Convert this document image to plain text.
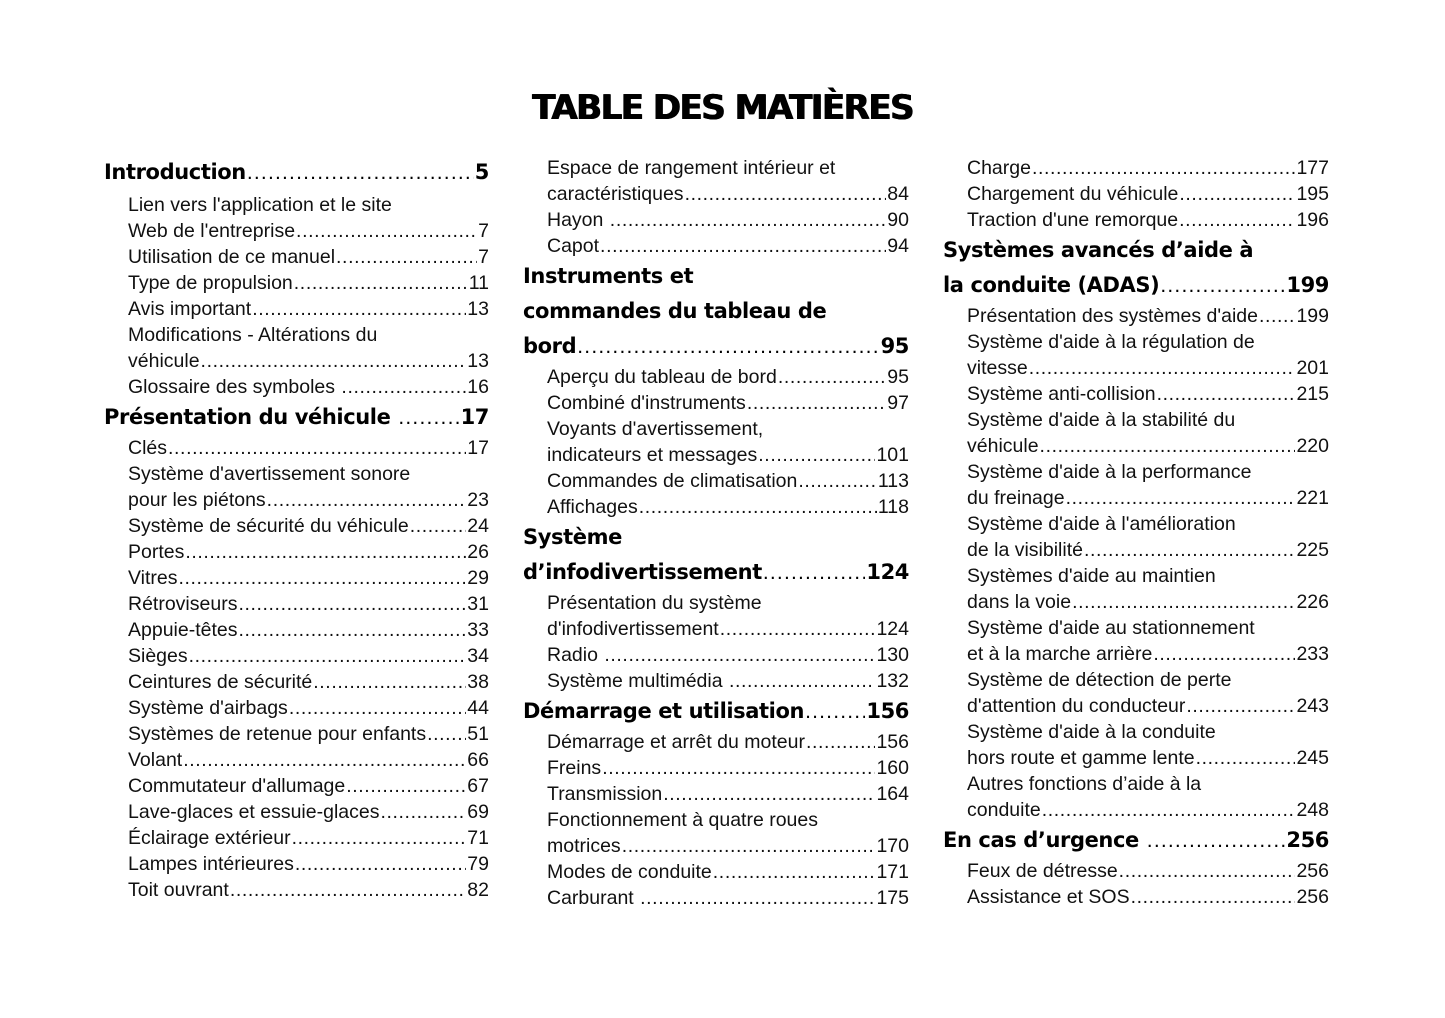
TABLE DES MATIÈRES
Introduction .....	5
Lien vers l'application et le site
Web de l'entreprise .....	7
Utilisation de ce manuel .....	7
Type de propulsion .....	11
Avis important .....	13
Modifications - Altérations du
véhicule .....	13
Glossaire des symboles .....	16
Présentation du véhicule .....	17
Clés .....	17
Système d'avertissement sonore
pour les piétons .....	23
Système de sécurité du véhicule .....	24
Portes .....	26
Vitres .....	29
Rétroviseurs .....	31
Appuie-têtes .....	33
Sièges .....	34
Ceintures de sécurité .....	38
Système d'airbags .....	44
Systèmes de retenue pour enfants ..... 51
Volant .....	66
Commutateur d'allumage .....	67
Lave-glaces et essuie-glaces .....	69
Éclairage extérieur .....	71
Lampes intérieures .....	79
Toit ouvrant .....	82
Espace de rangement intérieur et
caractéristiques .....	84
Hayon .....	90
Capot .....	94
Instruments et
commandes du tableau de
bord .....	95
Aperçu du tableau de bord .....	95
Combiné d'instruments .....	97
Voyants d'avertissement,
indicateurs et messages .....	101
Commandes de climatisation .....	113
Affichages .....	118
Système
d’infodivertissement .....	124
Présentation du système
d'infodivertissement .....	124
Radio .....	130
Système multimédia .....	132
Démarrage et utilisation .....	156
Démarrage et arrêt du moteur .....	156
Freins .....	160
Transmission .....	164
Fonctionnement à quatre roues
motrices .....	170
Modes de conduite .....	171
Carburant .....	175
Charge .....	177
Chargement du véhicule .....	195
Traction d'une remorque .....	196
Systèmes avancés d’aide à
la conduite (ADAS) .....	199
Présentation des systèmes d'aide ..... 199
Système d'aide à la régulation de
vitesse .....	201
Système anti-collision .....	215
Système d'aide à la stabilité du
véhicule .....	220
Système d'aide à la performance
du freinage .....	221
Système d'aide à l'amélioration
de la visibilité .....	225
Systèmes d'aide au maintien
dans la voie .....	226
Système d'aide au stationnement
et à la marche arrière .....	233
Système de détection de perte
d'attention du conducteur .....	243
Système d'aide à la conduite
hors route et gamme lente .....	245
Autres fonctions d’aide à la
conduite .....	248
En cas d’urgence .....	256
Feux de détresse .....	256
Assistance et SOS .....	256
